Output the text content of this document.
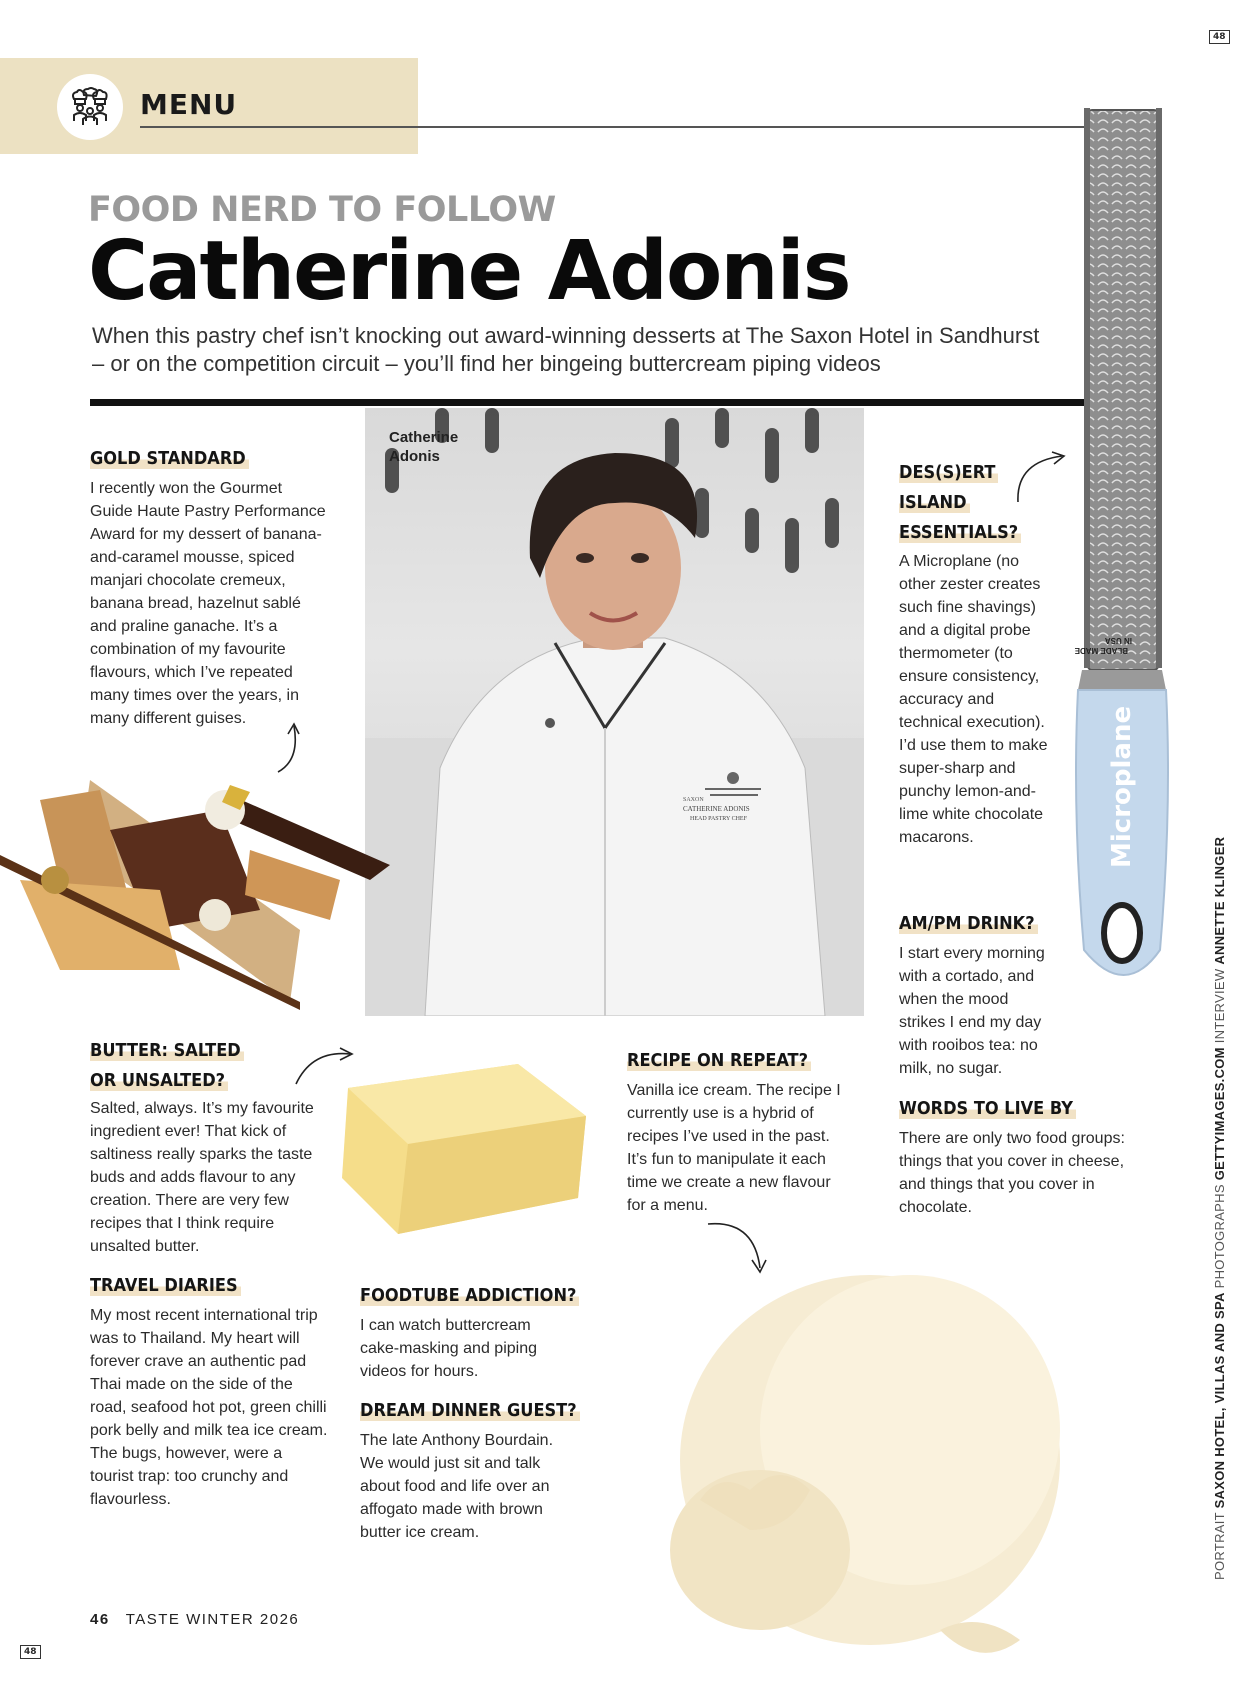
48
48
MENU
FOOD NERD TO FOLLOW
Catherine Adonis
When this pastry chef isn’t knocking out award-winning desserts at The Saxon Hotel in Sandhurst – or on the competition circuit – you’ll find her bingeing buttercream piping videos
SAXON
CATHERINE ADONIS
HEAD PASTRY CHEF
Catherine Adonis
BLADE MADE
IN USA
Microplane
GOLD STANDARD
I recently won the Gourmet Guide Haute Pastry Performance Award for my dessert of banana-and-caramel mousse, spiced manjari chocolate cremeux, banana bread, hazelnut sablé and praline ganache. It’s a combination of my favourite flavours, which I’ve repeated many times over the years, in many different guises.
DES(S)ERT
ISLAND
ESSENTIALS?
A Microplane (no other zester creates such fine shavings) and a digital probe thermometer (to ensure consistency, accuracy and technical execution). I’d use them to make super-sharp and punchy lemon-and-lime white chocolate macarons.
AM/PM DRINK?
I start every morning with a cortado, and when the mood strikes I end my day with rooibos tea: no milk, no sugar.
BUTTER: SALTED
OR UNSALTED?
Salted, always. It’s my favourite ingredient ever! That kick of saltiness really sparks the taste buds and adds flavour to any creation. There are very few recipes that I think require unsalted butter.
RECIPE ON REPEAT?
Vanilla ice cream. The recipe I currently use is a hybrid of recipes I’ve used in the past. It’s fun to manipulate it each time we create a new flavour for a menu.
WORDS TO LIVE BY
There are only two food groups: things that you cover in cheese, and things that you cover in chocolate.
TRAVEL DIARIES
My most recent international trip was to Thailand. My heart will forever crave an authentic pad Thai made on the side of the road, seafood hot pot, green chilli pork belly and milk tea ice cream. The bugs, however, were a tourist trap: too crunchy and flavourless.
FOODTUBE ADDICTION?
I can watch buttercream cake-masking and piping videos for hours.
DREAM DINNER GUEST?
The late Anthony Bourdain. We would just sit and talk about food and life over an affogato made with brown butter ice cream.	PORTRAIT SAXON HOTEL, VILLAS AND SPA PHOTOGRAPHS GETTYIMAGES.COM INTERVIEW ANNETTE KLINGER
46 TASTE WINTER 2026
